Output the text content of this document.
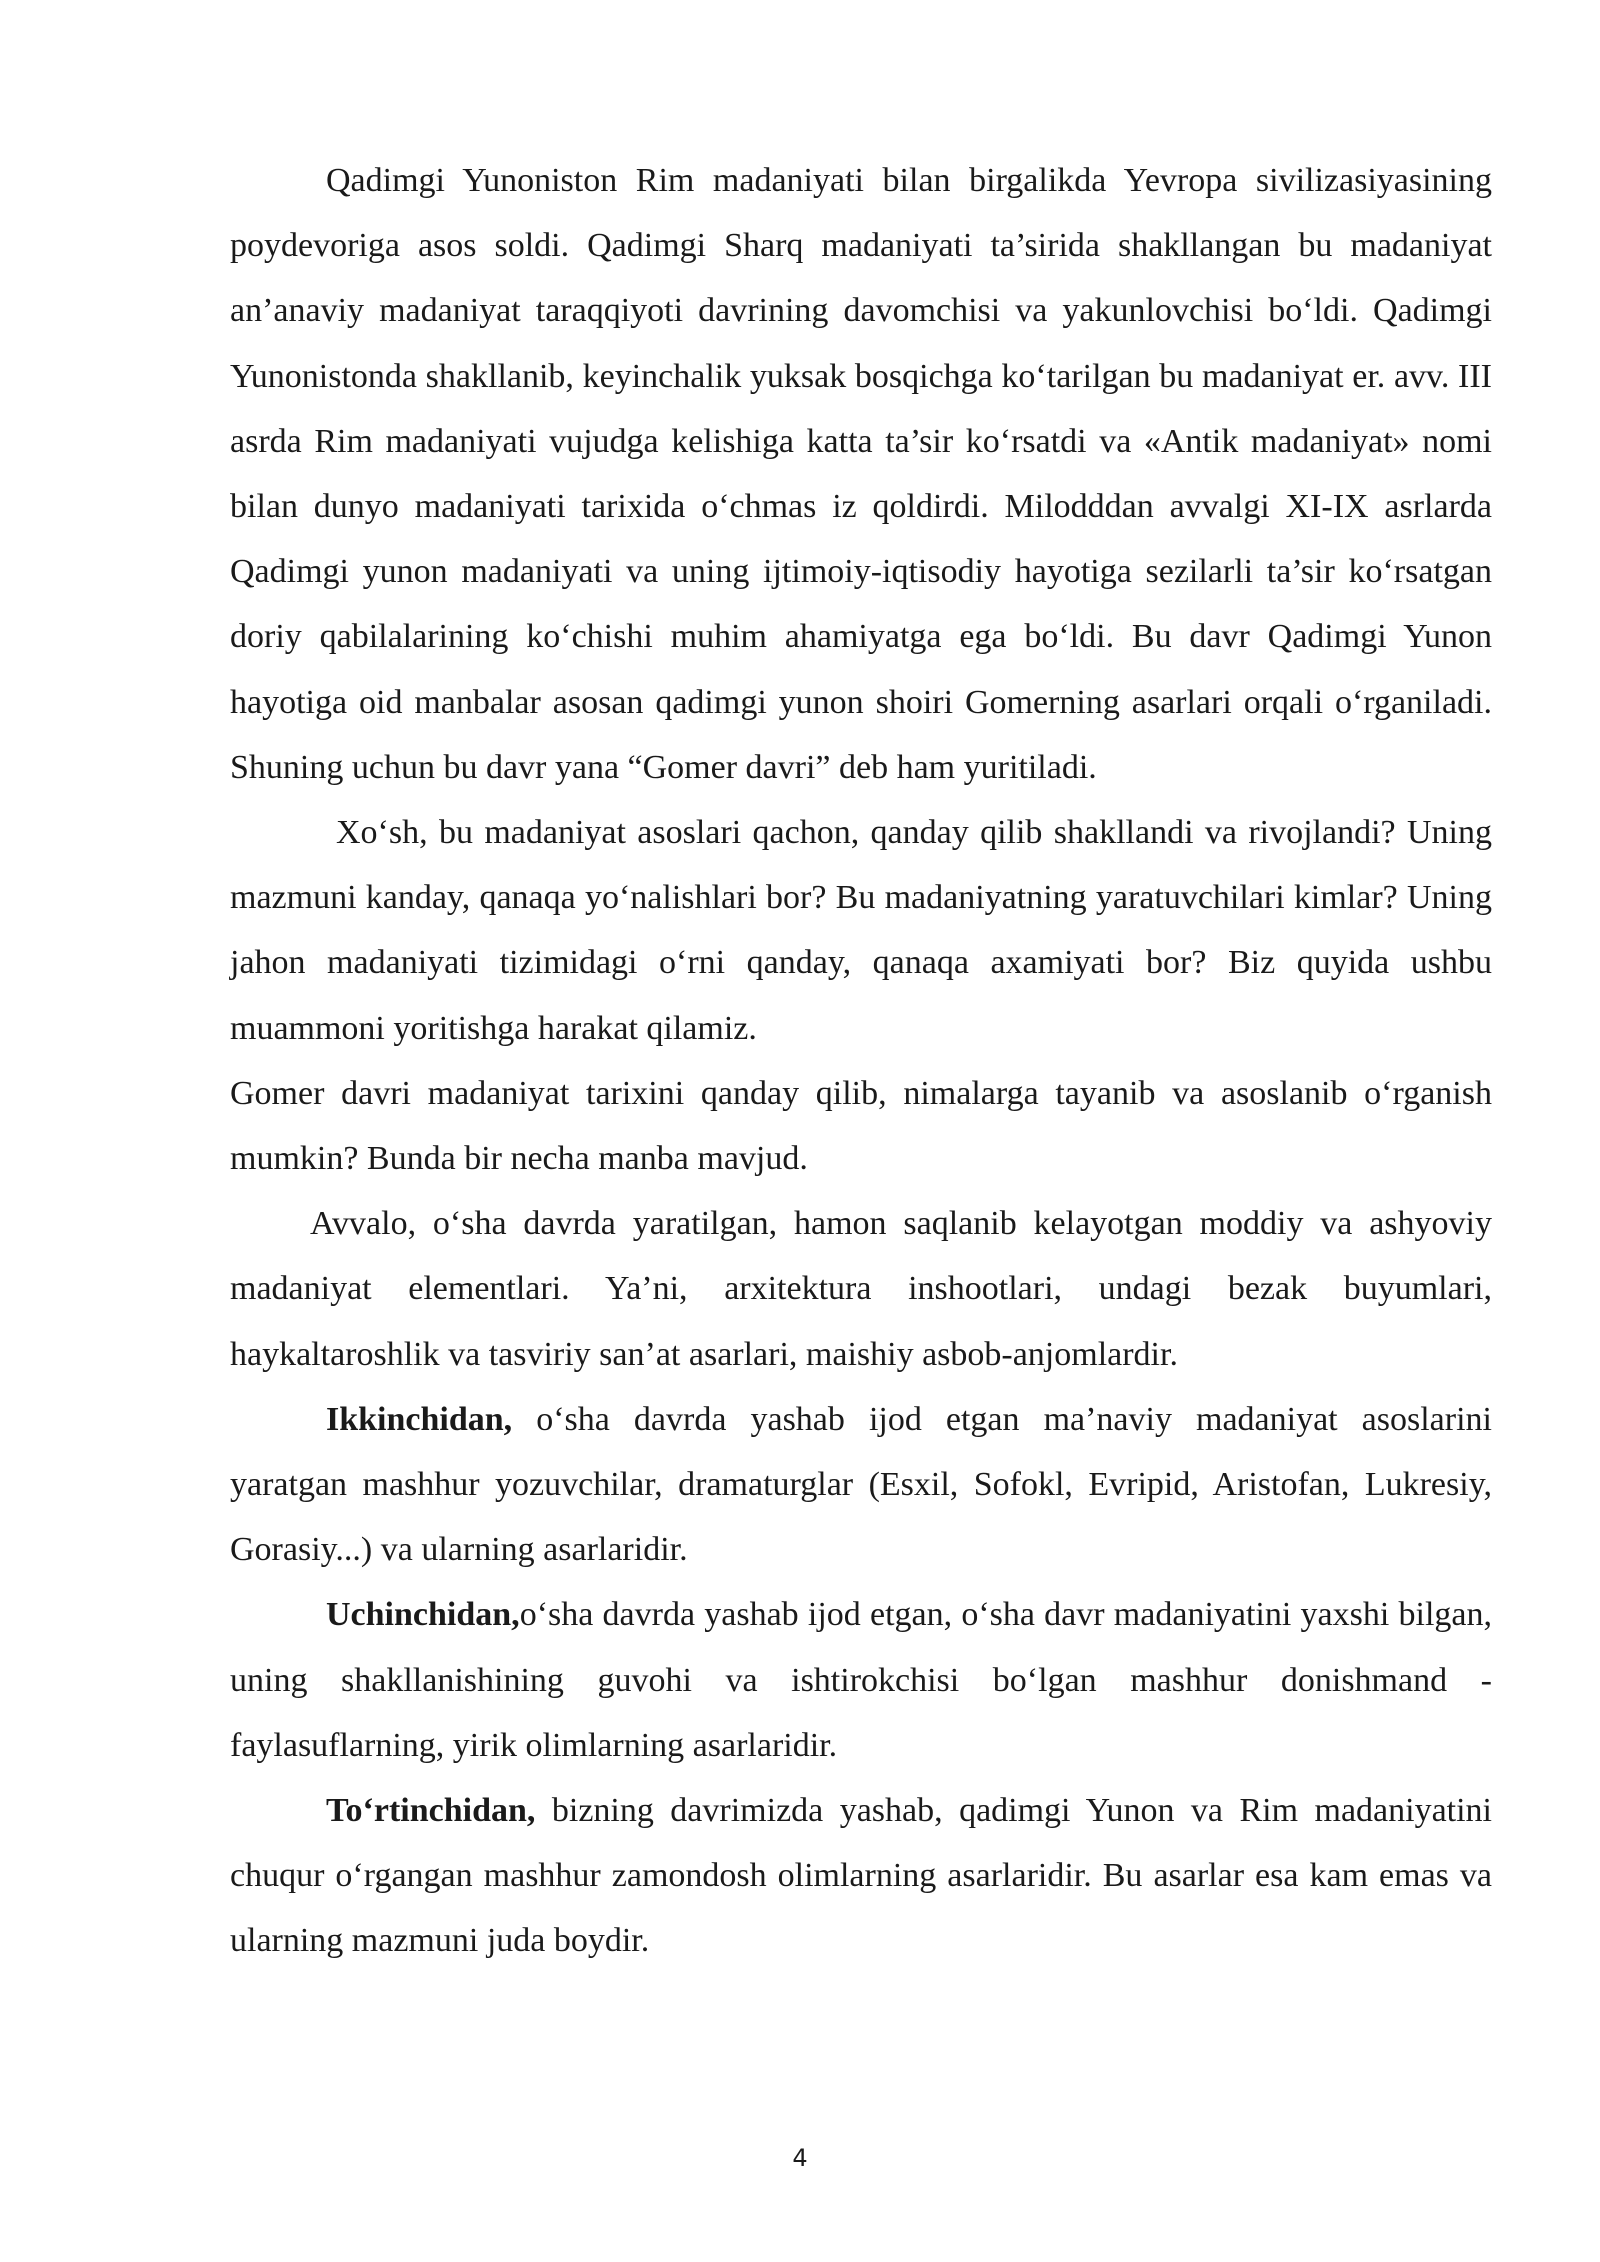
Qadimgi Yunoniston Rim madaniyati bilan birgalikda Yevropa sivilizasiyasining poydevoriga asos soldi. Qadimgi Sharq madaniyati ta’sirida shakllangan bu madaniyat an’anaviy madaniyat taraqqiyoti davrining davomchisi va yakunlovchisi bo‘ldi. Qadimgi Yunonistonda shakllanib, keyinchalik yuksak bosqichga ko‘tarilgan bu madaniyat er. avv. III asrda Rim madaniyati vujudga kelishiga katta ta’sir ko‘rsatdi va «Antik madaniyat» nomi bilan dunyo madaniyati tarixida o‘chmas iz qoldirdi. Milodddan avvalgi XI-IX asrlarda Qadimgi yunon madaniyati va uning ijtimoiy-iqtisodiy hayotiga sezilarli ta’sir ko‘rsatgan doriy qabilalarining ko‘chishi muhim ahamiyatga ega bo‘ldi. Bu davr Qadimgi Yunon hayotiga oid manbalar asosan qadimgi yunon shoiri Gomerning asarlari orqali o‘rganiladi. Shuning uchun bu davr yana “Gomer davri” deb ham yuritiladi.

Xo‘sh, bu madaniyat asoslari qachon, qanday qilib shakllandi va rivojlandi? Uning mazmuni kanday, qanaqa yo‘nalishlari bor? Bu madaniyatning yaratuvchilari kimlar? Uning jahon madaniyati tizimidagi o‘rni qanday, qanaqa axamiyati bor? Biz quyida ushbu muammoni yoritishga harakat qilamiz.

Gomer davri madaniyat tarixini qanday qilib, nimalarga tayanib va asoslanib o‘rganish mumkin? Bunda bir necha manba mavjud.

Avvalo, o‘sha davrda yaratilgan, hamon saqlanib kelayotgan moddiy va ashyoviy madaniyat elementlari. Ya’ni, arxitektura inshootlari, undagi bezak buyumlari, haykaltaroshlik va tasviriy san’at asarlari, maishiy asbob-anjomlardir.

Ikkinchidan, o‘sha davrda yashab ijod etgan ma’naviy madaniyat asoslarini yaratgan mashhur yozuvchilar, dramaturglar (Esxil, Sofokl, Evripid, Aristofan, Lukresiy, Gorasiy...) va ularning asarlaridir.

Uchinchidan,o‘sha davrda yashab ijod etgan, o‘sha davr madaniyatini yaxshi bilgan, uning shakllanishining guvohi va ishtirokchisi bo‘lgan mashhur donishmand - faylasuflarning, yirik olimlarning asarlaridir.

To‘rtinchidan, bizning davrimizda yashab, qadimgi Yunon va Rim madaniyatini chuqur o‘rgangan mashhur zamondosh olimlarning asarlaridir. Bu asarlar esa kam emas va ularning mazmuni juda boydir.

4
